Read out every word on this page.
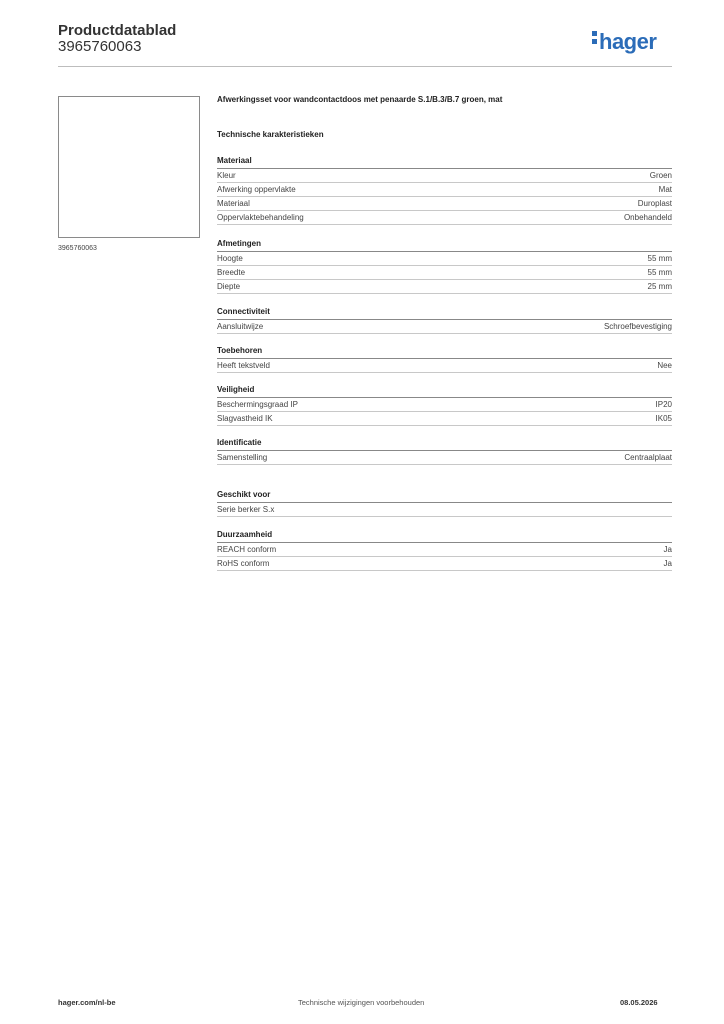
Productdatablad
3965760063	hager
3965760063
Afwerkingsset voor wandcontactdoos met penaarde S.1/B.3/B.7 groen, mat
Technische karakteristieken
Materiaal
Kleur	Groen
Afwerking oppervlakte	Mat
Materiaal	Duroplast
Oppervlaktebehandeling	Onbehandeld
Afmetingen
Hoogte	55 mm
Breedte	55 mm
Diepte	25 mm
Connectiviteit
Aansluitwijze	Schroefbevestiging
Toebehoren
Heeft tekstveld	Nee
Veiligheid
Beschermingsgraad IP	IP20
Slagvastheid IK	IK05
Identificatie
Samenstelling	Centraalplaat
Geschikt voor
Serie berker S.x
Duurzaamheid
REACH conform	Ja
RoHS conform	Ja
hager.com/nl-be	Technische wijzigingen voorbehouden	08.05.2026
